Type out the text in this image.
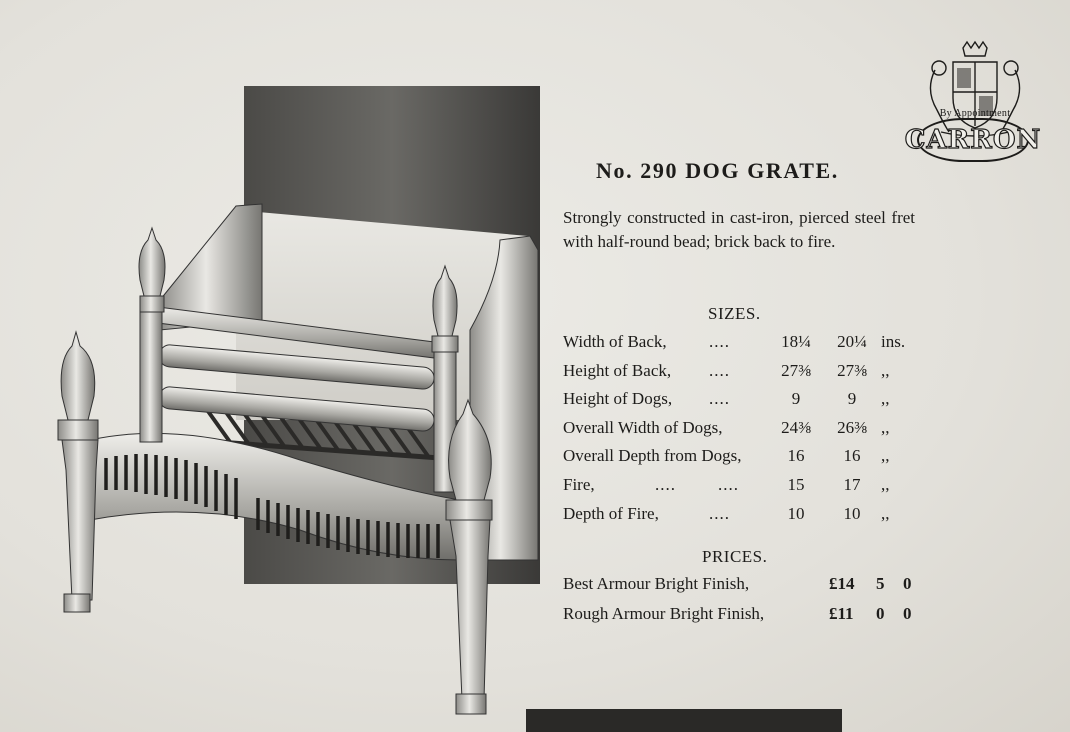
By Appointment
CARRON
No. 290 DOG GRATE.
Strongly constructed in cast-iron, pierced steel fret with half-round bead; brick back to fire.
SIZES.
Width of Back, ....	18¼	20¼ ins.
Height of Back, ....	27⅜	27⅜ ,,
Height of Dogs, ....	9	9	,,
Overall Width of Dogs,	24⅜	26⅜ ,,
Overall Depth from Dogs,	16	16	,,
Fire,	....        ....	15	17	,,
Depth of Fire,	....	10	10	,,
PRICES.
Best Armour Bright Finish,	£14 5 0
Rough Armour Bright Finish,	£11 0 0
